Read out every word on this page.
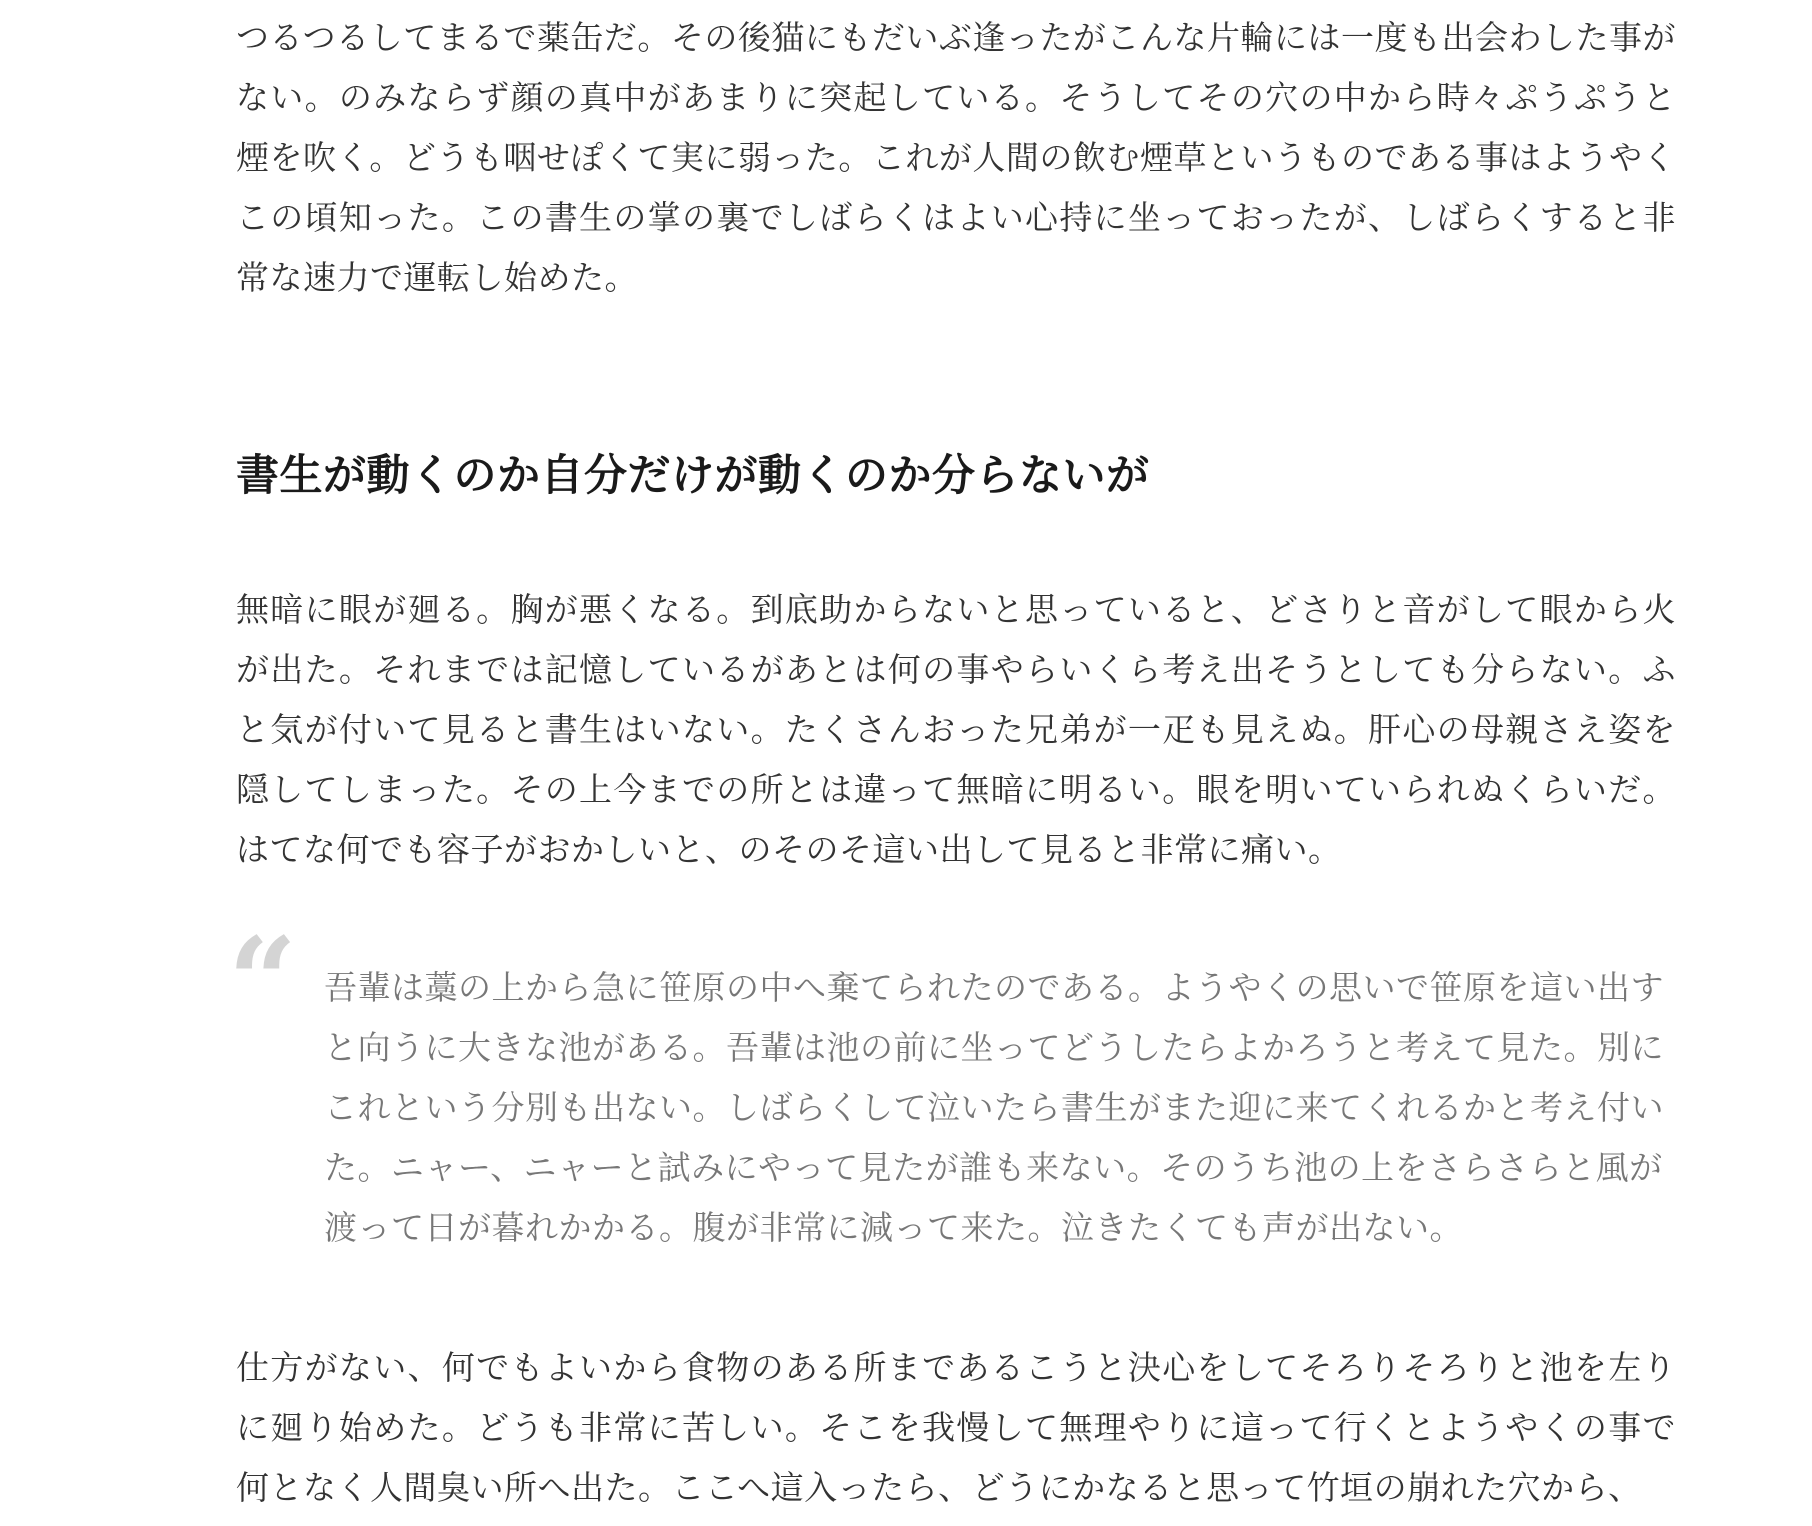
つるつるしてまるで薬缶だ。その後猫にもだいぶ逢ったがこんな片輪には一度も出会わした事がない。のみならず顔の真中があまりに突起している。そうしてその穴の中から時々ぷうぷうと煙を吹く。どうも咽せぽくて実に弱った。これが人間の飲む煙草というものである事はようやくこの頃知った。この書生の掌の裏でしばらくはよい心持に坐っておったが、しばらくすると非常な速力で運転し始めた。

書生が動くのか自分だけが動くのか分らないが

無暗に眼が廻る。胸が悪くなる。到底助からないと思っていると、どさりと音がして眼から火が出た。それまでは記憶しているがあとは何の事やらいくら考え出そうとしても分らない。ふと気が付いて見ると書生はいない。たくさんおった兄弟が一疋も見えぬ。肝心の母親さえ姿を隠してしまった。その上今までの所とは違って無暗に明るい。眼を明いていられぬくらいだ。はてな何でも容子がおかしいと、のそのそ這い出して見ると非常に痛い。

“ 吾輩は藁の上から急に笹原の中へ棄てられたのである。ようやくの思いで笹原を這い出すと向うに大きな池がある。吾輩は池の前に坐ってどうしたらよかろうと考えて見た。別にこれという分別も出ない。しばらくして泣いたら書生がまた迎に来てくれるかと考え付いた。ニャー、ニャーと試みにやって見たが誰も来ない。そのうち池の上をさらさらと風が渡って日が暮れかかる。腹が非常に減って来た。泣きたくても声が出ない。

仕方がない、何でもよいから食物のある所まであるこうと決心をしてそろりそろりと池を左りに廻り始めた。どうも非常に苦しい。そこを我慢して無理やりに這って行くとようやくの事で何となく人間臭い所へ出た。ここへ這入ったら、どうにかなると思って竹垣の崩れた穴から、
